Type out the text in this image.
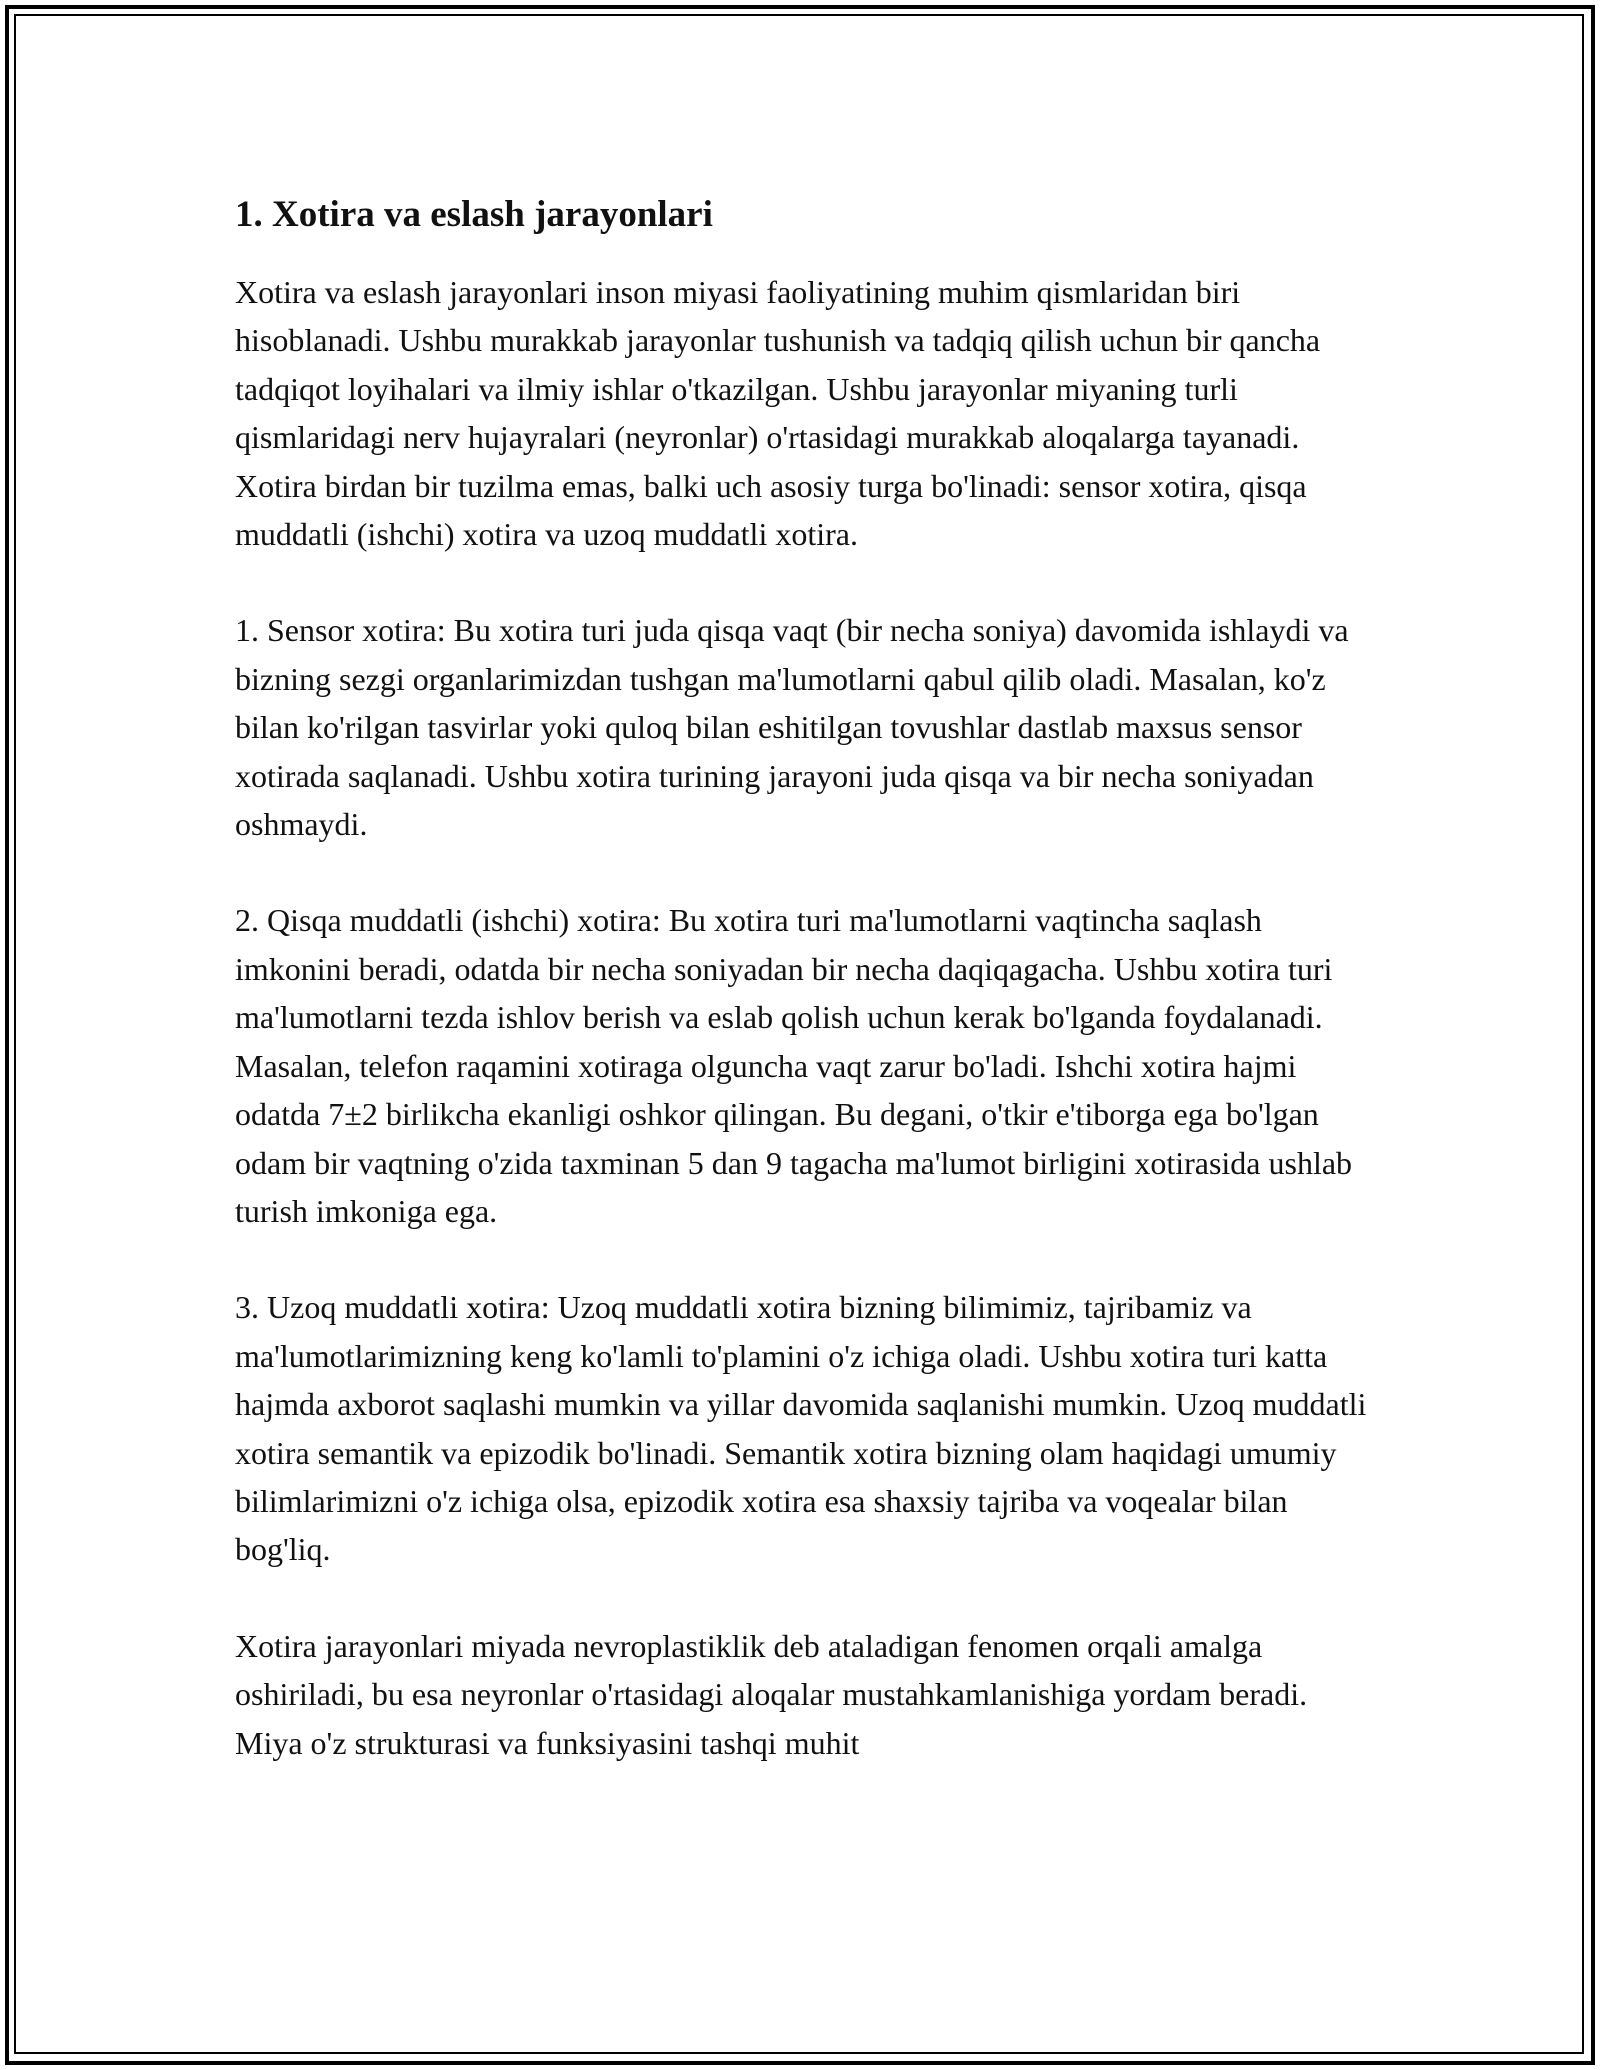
1. Xotira va eslash jarayonlari

Xotira va eslash jarayonlari inson miyasi faoliyatining muhim qismlaridan biri hisoblanadi. Ushbu murakkab jarayonlar tushunish va tadqiq qilish uchun bir qancha tadqiqot loyihalari va ilmiy ishlar o'tkazilgan. Ushbu jarayonlar miyaning turli qismlaridagi nerv hujayralari (neyronlar) o'rtasidagi murakkab aloqalarga tayanadi. Xotira birdan bir tuzilma emas, balki uch asosiy turga bo'linadi: sensor xotira, qisqa muddatli (ishchi) xotira va uzoq muddatli xotira.

1. Sensor xotira: Bu xotira turi juda qisqa vaqt (bir necha soniya) davomida ishlaydi va bizning sezgi organlarimizdan tushgan ma'lumotlarni qabul qilib oladi. Masalan, ko'z bilan ko'rilgan tasvirlar yoki quloq bilan eshitilgan tovushlar dastlab maxsus sensor xotirada saqlanadi. Ushbu xotira turining jarayoni juda qisqa va bir necha soniyadan oshmaydi.

2. Qisqa muddatli (ishchi) xotira: Bu xotira turi ma'lumotlarni vaqtincha saqlash imkonini beradi, odatda bir necha soniyadan bir necha daqiqagacha. Ushbu xotira turi ma'lumotlarni tezda ishlov berish va eslab qolish uchun kerak bo'lganda foydalanadi. Masalan, telefon raqamini xotiraga olguncha vaqt zarur bo'ladi. Ishchi xotira hajmi odatda 7±2 birlikcha ekanligi oshkor qilingan. Bu degani, o'tkir e'tiborga ega bo'lgan odam bir vaqtning o'zida taxminan 5 dan 9 tagacha ma'lumot birligini xotirasida ushlab turish imkoniga ega.

3. Uzoq muddatli xotira: Uzoq muddatli xotira bizning bilimimiz, tajribamiz va ma'lumotlarimizning keng ko'lamli to'plamini o'z ichiga oladi. Ushbu xotira turi katta hajmda axborot saqlashi mumkin va yillar davomida saqlanishi mumkin. Uzoq muddatli xotira semantik va epizodik bo'linadi. Semantik xotira bizning olam haqidagi umumiy bilimlarimizni o'z ichiga olsa, epizodik xotira esa shaxsiy tajriba va voqealar bilan bog'liq.

Xotira jarayonlari miyada nevroplastiklik deb ataladigan fenomen orqali amalga oshiriladi, bu esa neyronlar o'rtasidagi aloqalar mustahkamlanishiga yordam beradi. Miya o'z strukturasi va funksiyasini tashqi muhit
